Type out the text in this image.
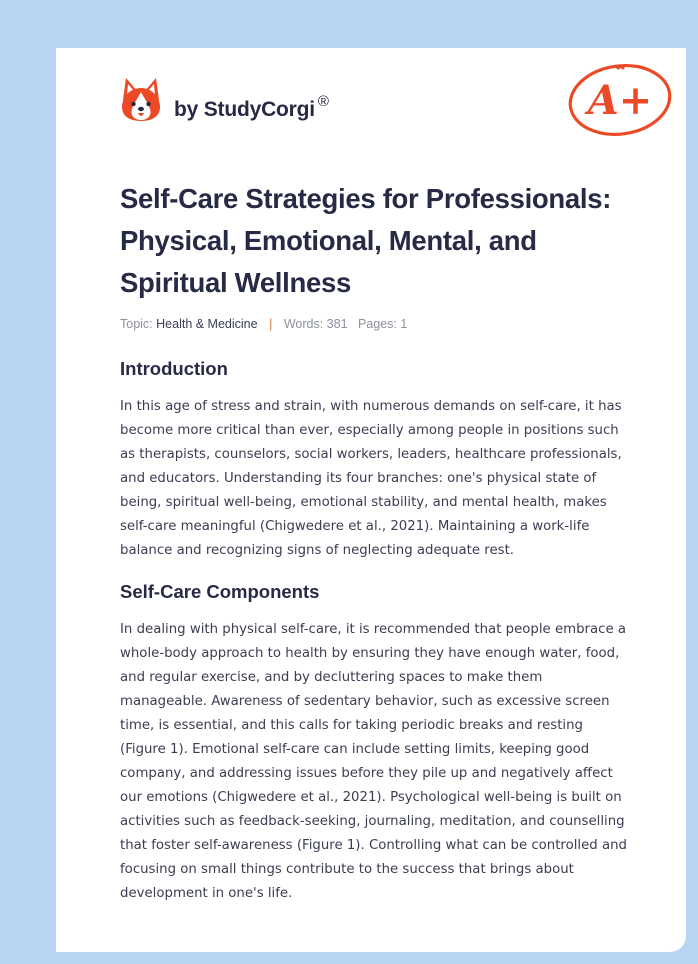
by StudyCorgi ®	A+
Self-Care Strategies for Professionals: Physical, Emotional, Mental, and Spiritual Wellness
Topic: Health & Medicine | Words: 381 Pages: 1
Introduction

In this age of stress and strain, with numerous demands on self-care, it has become more critical than ever, especially among people in positions such as therapists, counselors, social workers, leaders, healthcare professionals, and educators. Understanding its four branches: one's physical state of being, spiritual well-being, emotional stability, and mental health, makes self-care meaningful (Chigwedere et al., 2021). Maintaining a work-life balance and recognizing signs of neglecting adequate rest.

Self-Care Components

In dealing with physical self-care, it is recommended that people embrace a whole-body approach to health by ensuring they have enough water, food, and regular exercise, and by decluttering spaces to make them manageable. Awareness of sedentary behavior, such as excessive screen time, is essential, and this calls for taking periodic breaks and resting (Figure 1). Emotional self-care can include setting limits, keeping good company, and addressing issues before they pile up and negatively affect our emotions (Chigwedere et al., 2021). Psychological well-being is built on activities such as feedback-seeking, journaling, meditation, and counselling that foster self-awareness (Figure 1). Controlling what can be controlled and focusing on small things contribute to the success that brings about development in one's life.
